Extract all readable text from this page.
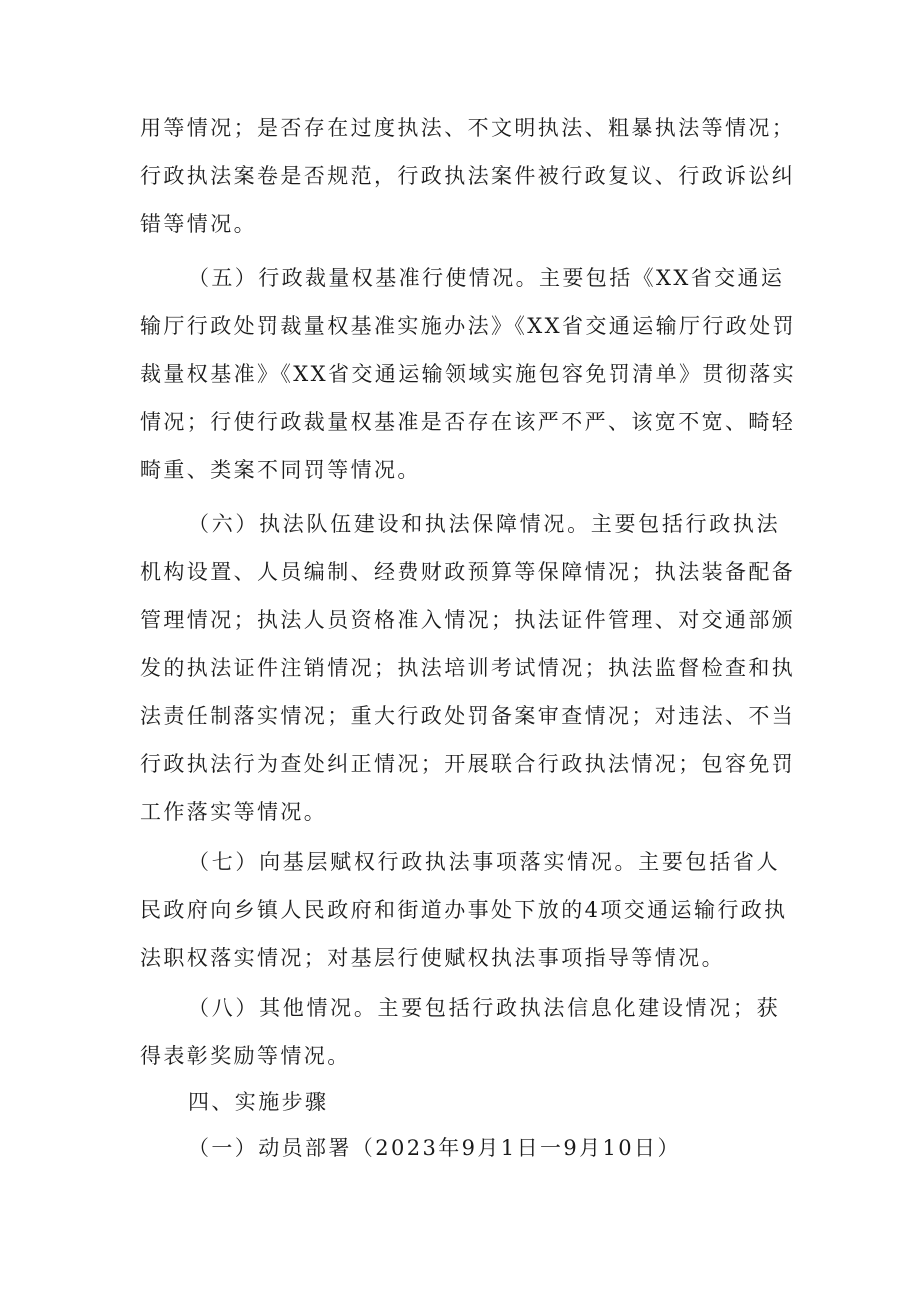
用等情况；是否存在过度执法、不文明执法、粗暴执法等情况；
行政执法案卷是否规范，行政执法案件被行政复议、行政诉讼纠
错等情况。
（五）行政裁量权基准行使情况。主要包括《XX省交通运
输厅行政处罚裁量权基准实施办法》《XX省交通运输厅行政处罚
裁量权基准》《XX省交通运输领域实施包容免罚清单》贯彻落实
情况；行使行政裁量权基准是否存在该严不严、该宽不宽、畸轻
畸重、类案不同罚等情况。
（六）执法队伍建设和执法保障情况。主要包括行政执法
机构设置、人员编制、经费财政预算等保障情况；执法装备配备
管理情况；执法人员资格准入情况；执法证件管理、对交通部颁
发的执法证件注销情况；执法培训考试情况；执法监督检查和执
法责任制落实情况；重大行政处罚备案审查情况；对违法、不当
行政执法行为查处纠正情况；开展联合行政执法情况；包容免罚
工作落实等情况。
（七）向基层赋权行政执法事项落实情况。主要包括省人
民政府向乡镇人民政府和街道办事处下放的4项交通运输行政执
法职权落实情况；对基层行使赋权执法事项指导等情况。
（八）其他情况。主要包括行政执法信息化建设情况；获
得表彰奖励等情况。
四、实施步骤
（一）动员部署（2023年9月1日一9月10日）
